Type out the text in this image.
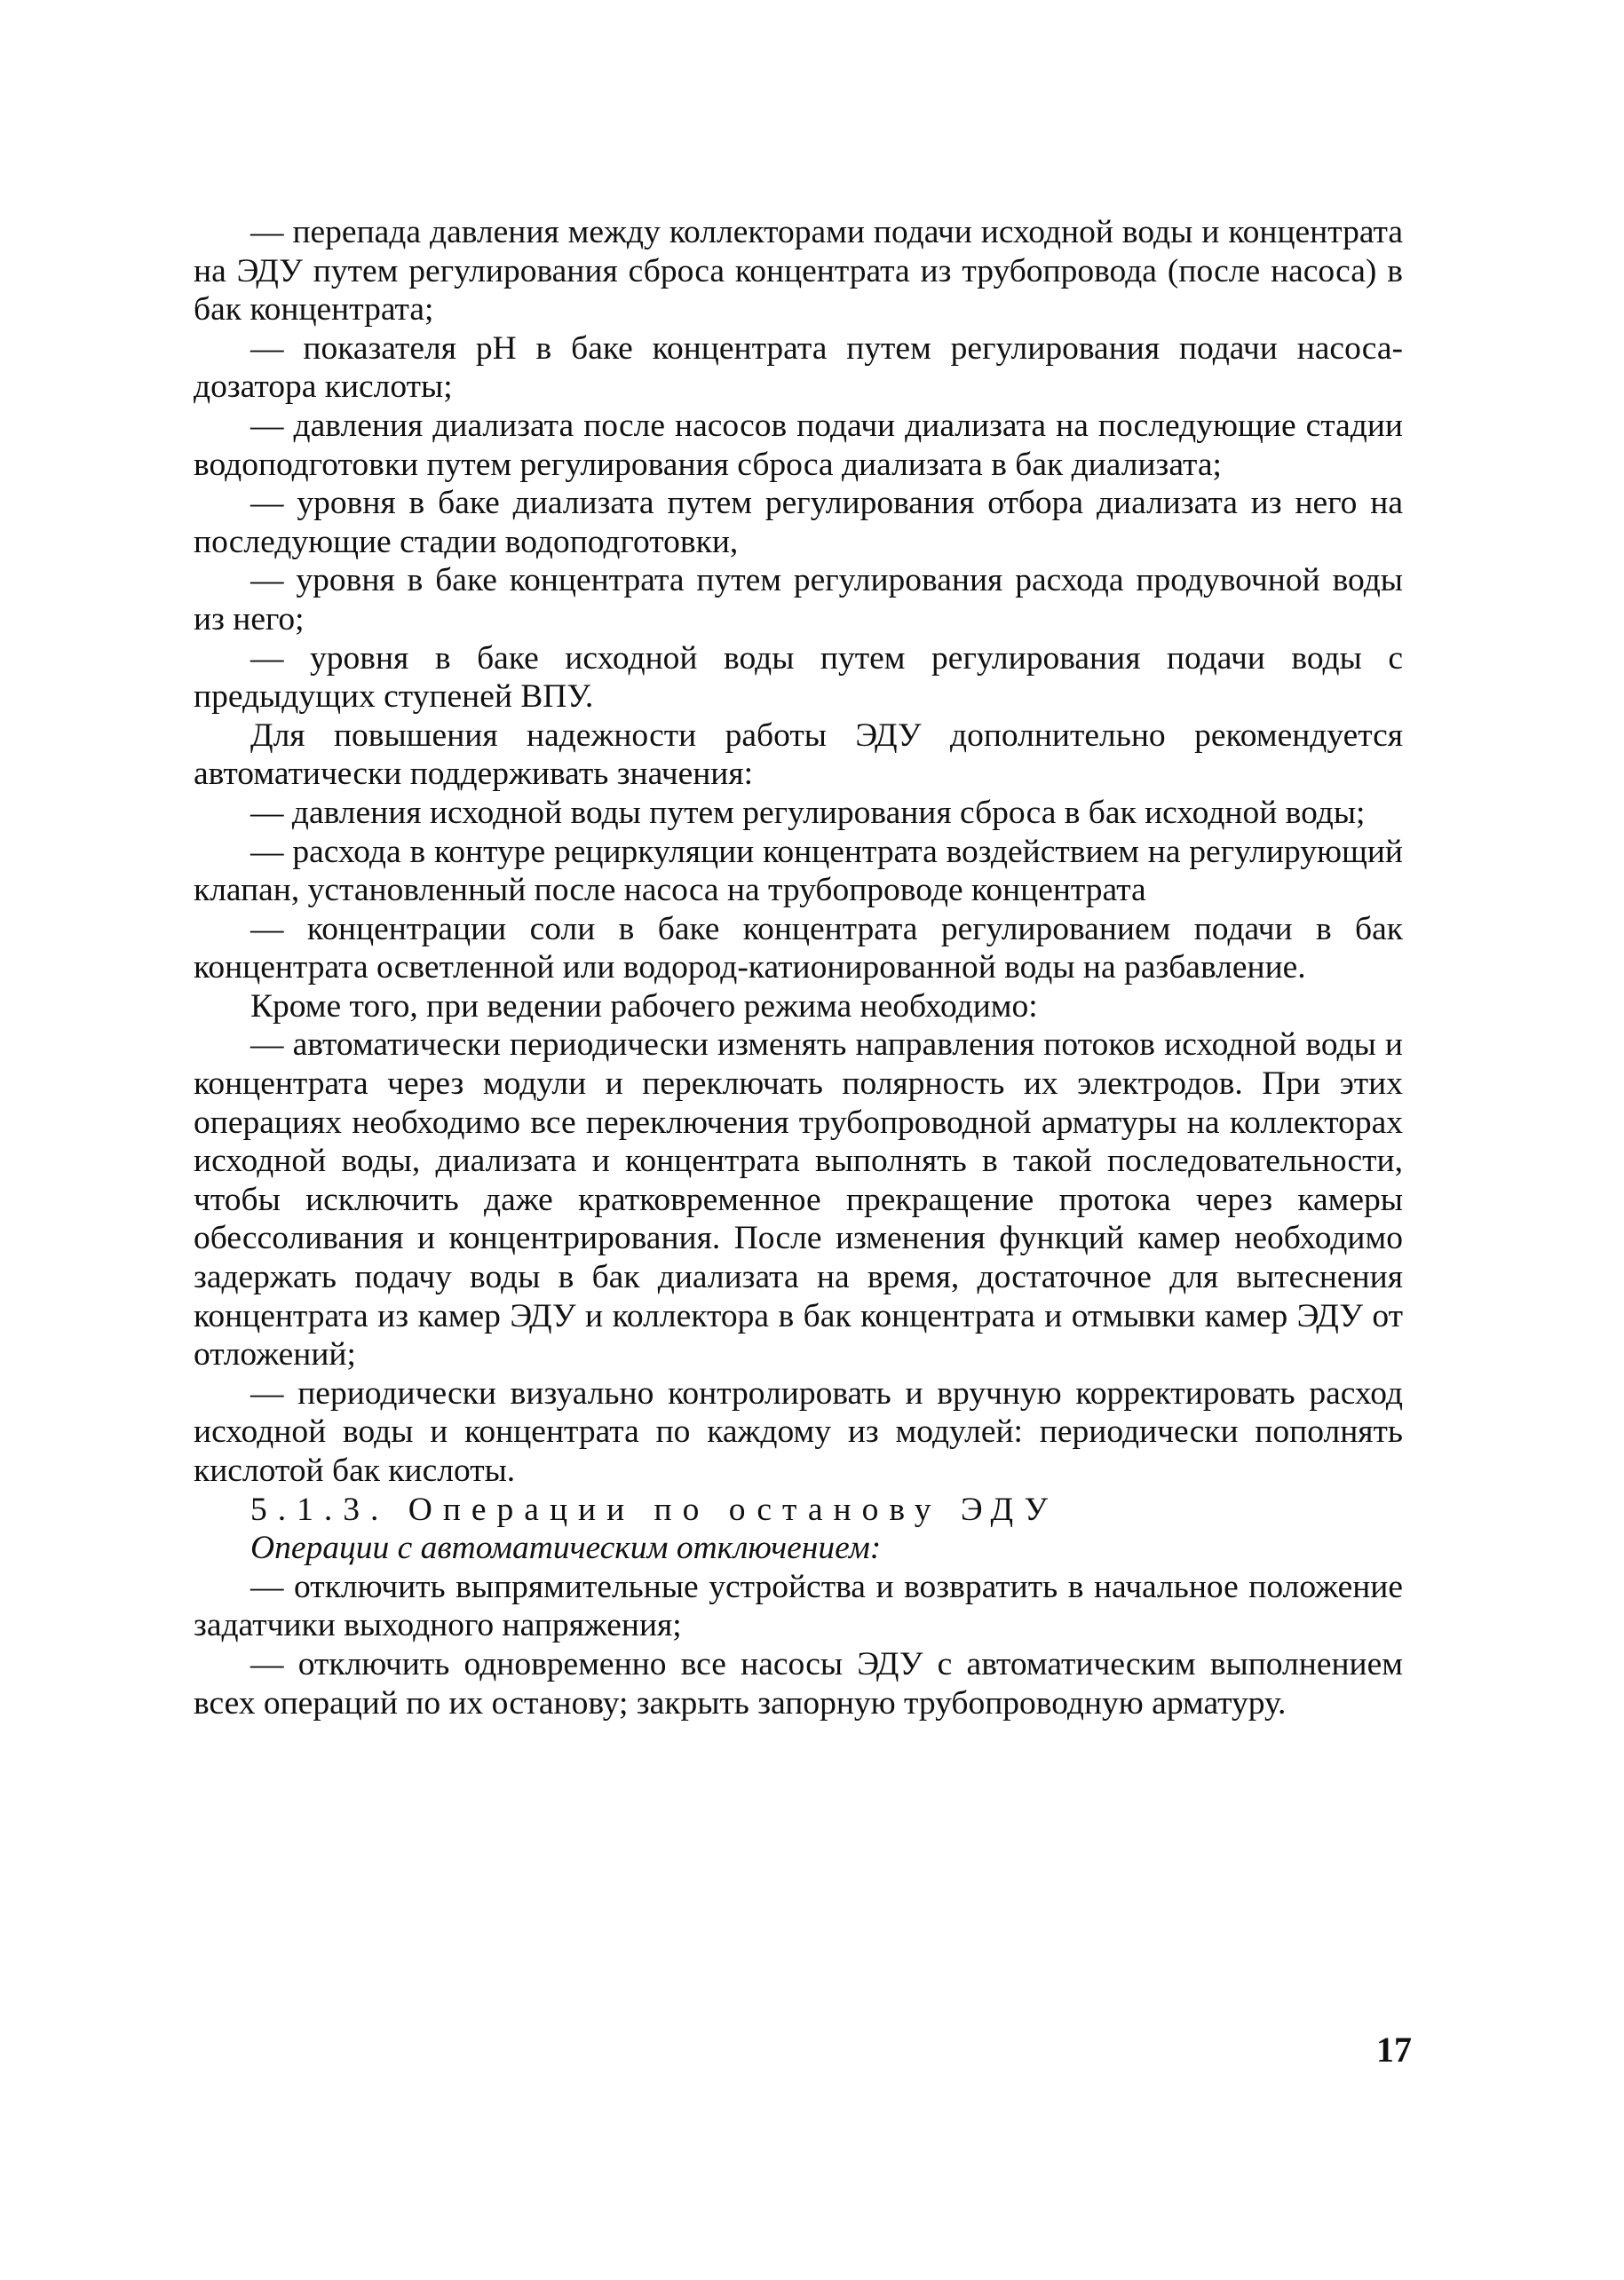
— перепада давления между коллекторами подачи исходной воды и концентрата на ЭДУ путем регулирования сброса концентрата из трубопровода (после насоса) в бак концентрата;

— показателя pH в баке концентрата путем регулирования подачи насоса-дозатора кислоты;

— давления диализата после насосов подачи диализата на последующие стадии водоподготовки путем регулирования сброса диализата в бак диализата;

— уровня в баке диализата путем регулирования отбора диализата из него на последующие стадии водоподготовки,

— уровня в баке концентрата путем регулирования расхода продувочной воды из него;

— уровня в баке исходной воды путем регулирования подачи воды с предыдущих ступеней ВПУ.

Для повышения надежности работы ЭДУ дополнительно рекомендуется автоматически поддерживать значения:

— давления исходной воды путем регулирования сброса в бак исходной воды;

— расхода в контуре рециркуляции концентрата воздействием на регулирующий клапан, установленный после насоса на трубопроводе концентрата

— концентрации соли в баке концентрата регулированием подачи в бак концентрата осветленной или водород-катионированной воды на разбавление.

Кроме того, при ведении рабочего режима необходимо:

— автоматически периодически изменять направления потоков исходной воды и концентрата через модули и переключать полярность их электродов. При этих операциях необходимо все переключения трубопроводной арматуры на коллекторах исходной воды, диализата и концентрата выполнять в такой последовательности, чтобы исключить даже кратковременное прекращение протока через камеры обессоливания и концентрирования. После изменения функций камер необходимо задержать подачу воды в бак диализата на время, достаточное для вытеснения концентрата из камер ЭДУ и коллектора в бак концентрата и отмывки камер ЭДУ от отложений;

— периодически визуально контролировать и вручную корректировать расход исходной воды и концентрата по каждому из модулей: периодически пополнять кислотой бак кислоты.

5.1.3. Операции по останову ЭДУ

Операции с автоматическим отключением:

— отключить выпрямительные устройства и возвратить в начальное положение задатчики выходного напряжения;

— отключить одновременно все насосы ЭДУ с автоматическим выполнением всех операций по их останову; закрыть запорную трубопроводную арматуру.

17
